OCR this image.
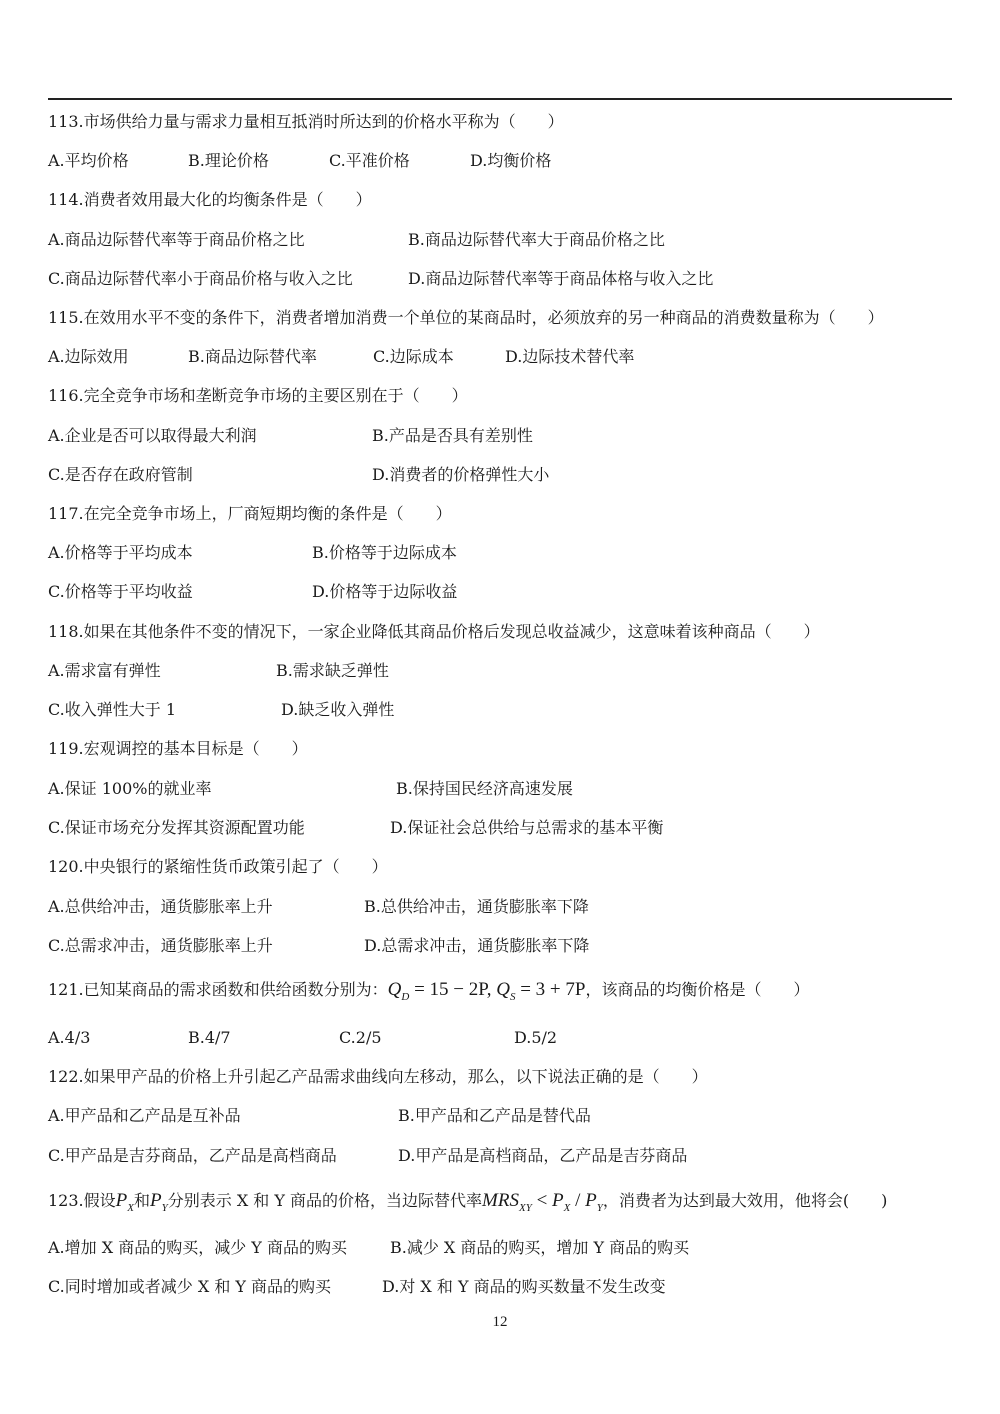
113.市场供给力量与需求力量相互抵消时所达到的价格水平称为（　　）
A.平均价格	B.理论价格	C.平准价格	D.均衡价格
114.消费者效用最大化的均衡条件是（　　）
A.商品边际替代率等于商品价格之比	B.商品边际替代率大于商品价格之比
C.商品边际替代率小于商品价格与收入之比	D.商品边际替代率等于商品体格与收入之比
115.在效用水平不变的条件下，消费者增加消费一个单位的某商品时，必须放弃的另一种商品的消费数量称为（　　）
A.边际效用	B.商品边际替代率	C.边际成本	D.边际技术替代率
116.完全竞争市场和垄断竞争市场的主要区别在于（　　）
A.企业是否可以取得最大利润	B.产品是否具有差别性
C.是否存在政府管制	D.消费者的价格弹性大小
117.在完全竞争市场上，厂商短期均衡的条件是（　　）
A.价格等于平均成本	B.价格等于边际成本
C.价格等于平均收益	D.价格等于边际收益
118.如果在其他条件不变的情况下，一家企业降低其商品价格后发现总收益减少，这意味着该种商品（　　）
A.需求富有弹性	B.需求缺乏弹性
C.收入弹性大于 1	D.缺乏收入弹性
119.宏观调控的基本目标是（　　）
A.保证 100%的就业率	B.保持国民经济高速发展
C.保证市场充分发挥其资源配置功能	D.保证社会总供给与总需求的基本平衡
120.中央银行的紧缩性货币政策引起了（　　）
A.总供给冲击，通货膨胀率上升	B.总供给冲击，通货膨胀率下降
C.总需求冲击，通货膨胀率上升	D.总需求冲击，通货膨胀率下降
121.已知某商品的需求函数和供给函数分别为：$Q_D = 15 - 2P$, $Q_S = 3 + 7P$，该商品的均衡价格是（　　）
A.4/3	B.4/7	C.2/5	D.5/2
122.如果甲产品的价格上升引起乙产品需求曲线向左移动，那么，以下说法正确的是（　　）
A.甲产品和乙产品是互补品	B.甲产品和乙产品是替代品
C.甲产品是吉芬商品，乙产品是高档商品	D.甲产品是高档商品，乙产品是吉芬商品
123.假设$P_X$和$P_Y$分别表示 X 和 Y 商品的价格，当边际替代率$MRS_{XY} < P_X / P_Y$，消费者为达到最大效用，他将会(　　)
A.增加 X 商品的购买，减少 Y 商品的购买	B.减少 X 商品的购买，增加 Y 商品的购买
C.同时增加或者减少 X 和 Y 商品的购买	D.对 X 和 Y 商品的购买数量不发生改变
12
